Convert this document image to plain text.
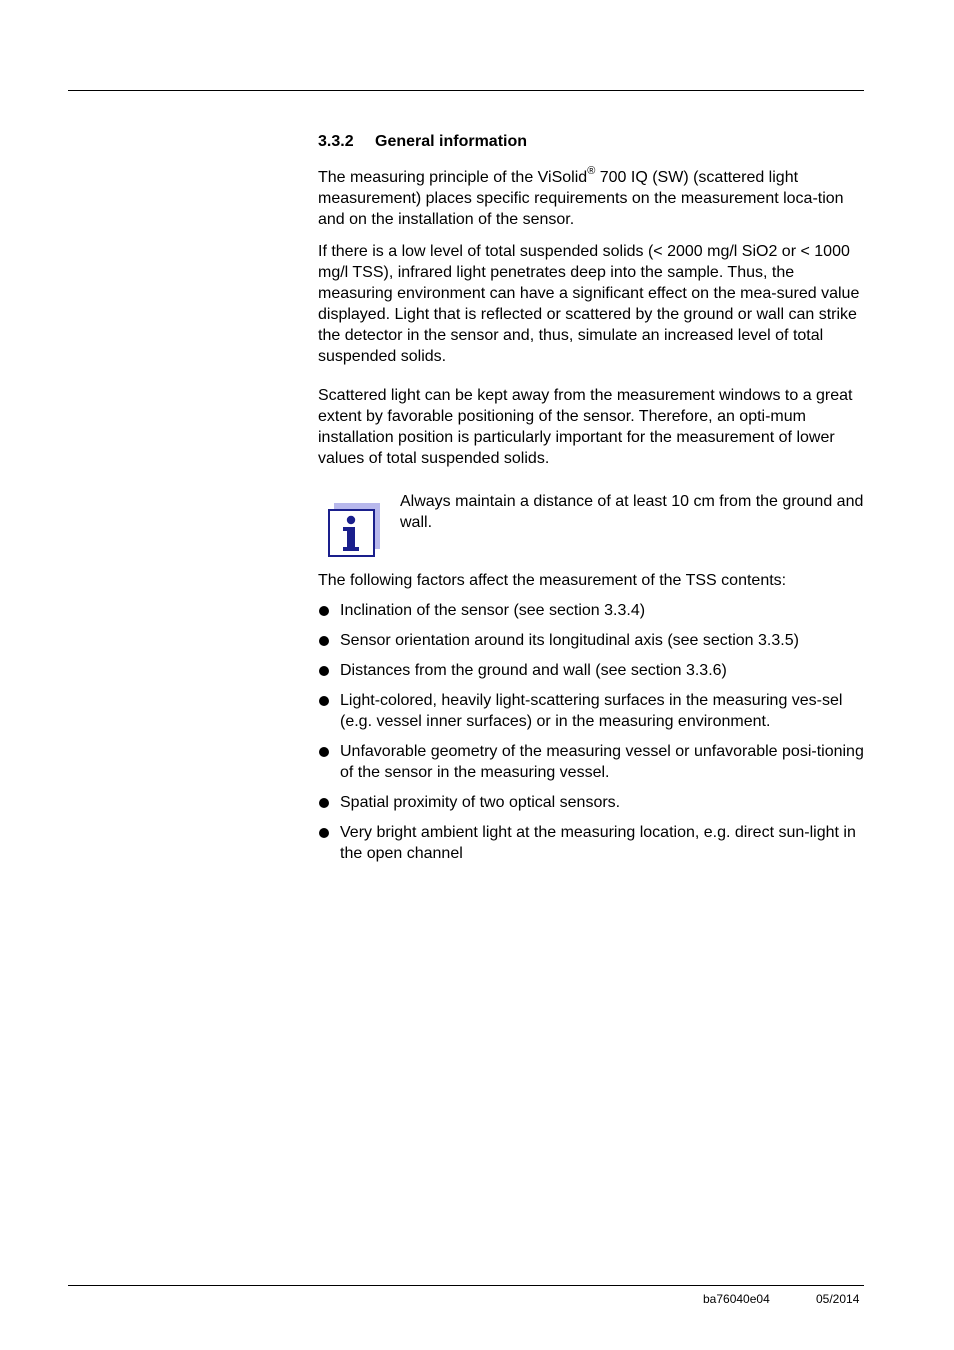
3.3.2 General information

The measuring principle of the ViSolid® 700 IQ (SW) (scattered light measurement) places specific requirements on the measurement loca-tion and on the installation of the sensor.

If there is a low level of total suspended solids (< 2000 mg/l SiO2 or < 1000 mg/l TSS), infrared light penetrates deep into the sample. Thus, the measuring environment can have a significant effect on the mea-sured value displayed. Light that is reflected or scattered by the ground or wall can strike the detector in the sensor and, thus, simulate an increased level of total suspended solids.

Scattered light can be kept away from the measurement windows to a great extent by favorable positioning of the sensor. Therefore, an opti-mum installation position is particularly important for the measurement of lower values of total suspended solids.

Always maintain a distance of at least 10 cm from the ground and wall.

The following factors affect the measurement of the TSS contents:

Inclination of the sensor (see section 3.3.4)
Sensor orientation around its longitudinal axis (see section 3.3.5)
Distances from the ground and wall (see section 3.3.6)
Light-colored, heavily light-scattering surfaces in the measuring ves-sel (e.g. vessel inner surfaces) or in the measuring environment.
Unfavorable geometry of the measuring vessel or unfavorable posi-tioning of the sensor in the measuring vessel.
Spatial proximity of two optical sensors.
Very bright ambient light at the measuring location, e.g. direct sun-light in the open channel
ba76040e04	05/2014
